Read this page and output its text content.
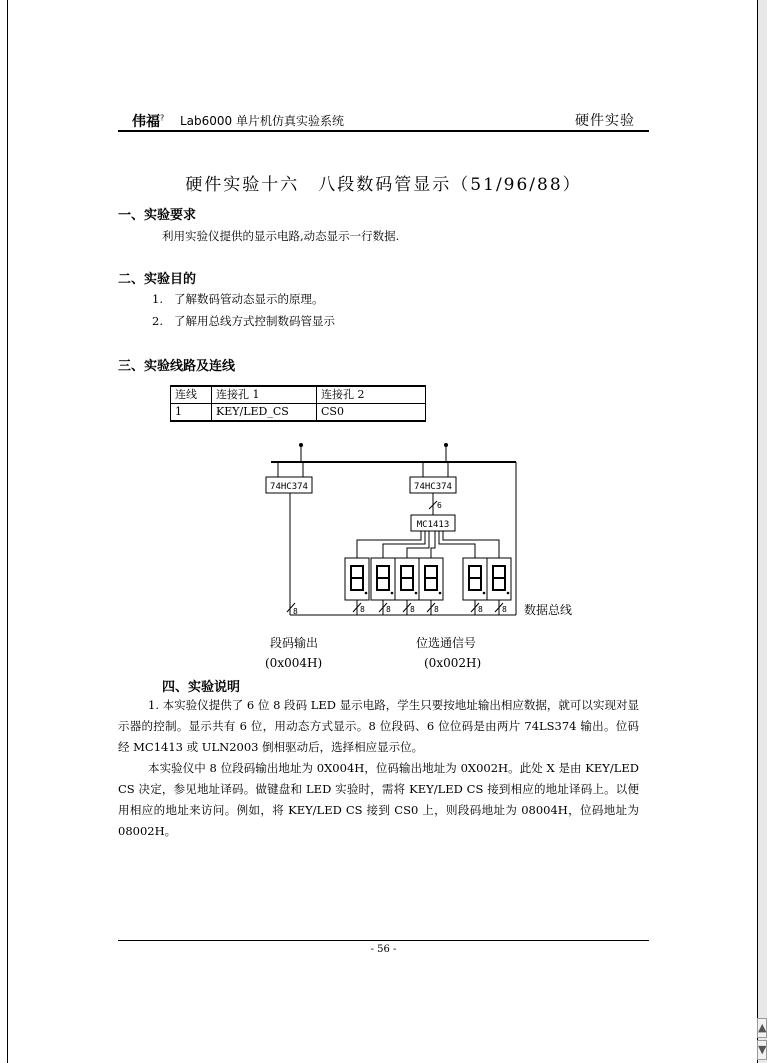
▲
▼
伟福? Lab6000 单片机仿真实验系统	硬件实验
硬件实验十六　八段数码管显示（51/96/88）
一、实验要求
利用实验仪提供的显示电路,动态显示一行数据.
二、实验目的
1. 了解数码管动态显示的原理。
2. 了解用总线方式控制数码管显示
三、实验线路及连线
连线	连接孔 1	连接孔 2
1	KEY/LED_CS	CS0
74HC374	74HC374
8
6
MC1413
8	8 8 8	8 8 数据总线
段码输出
(0x004H)
位选通信号
(0x002H)
四、实验说明
1. 本实验仪提供了 6 位 8 段码 LED 显示电路，学生只要按地址输出相应数据，就可以实现对显示器的控制。显示共有 6 位，用动态方式显示。8 位段码、6 位位码是由两片 74LS374 输出。位码经 MC1413 或 ULN2003 倒相驱动后，选择相应显示位。
本实验仪中 8 位段码输出地址为 0X004H，位码输出地址为 0X002H。此处 X 是由 KEY/LED CS 决定，参见地址译码。做键盘和 LED 实验时，需将 KEY/LED CS 接到相应的地址译码上。以便用相应的地址来访问。例如，将 KEY/LED CS 接到 CS0 上，则段码地址为 08004H，位码地址为 08002H。
- 56 -
